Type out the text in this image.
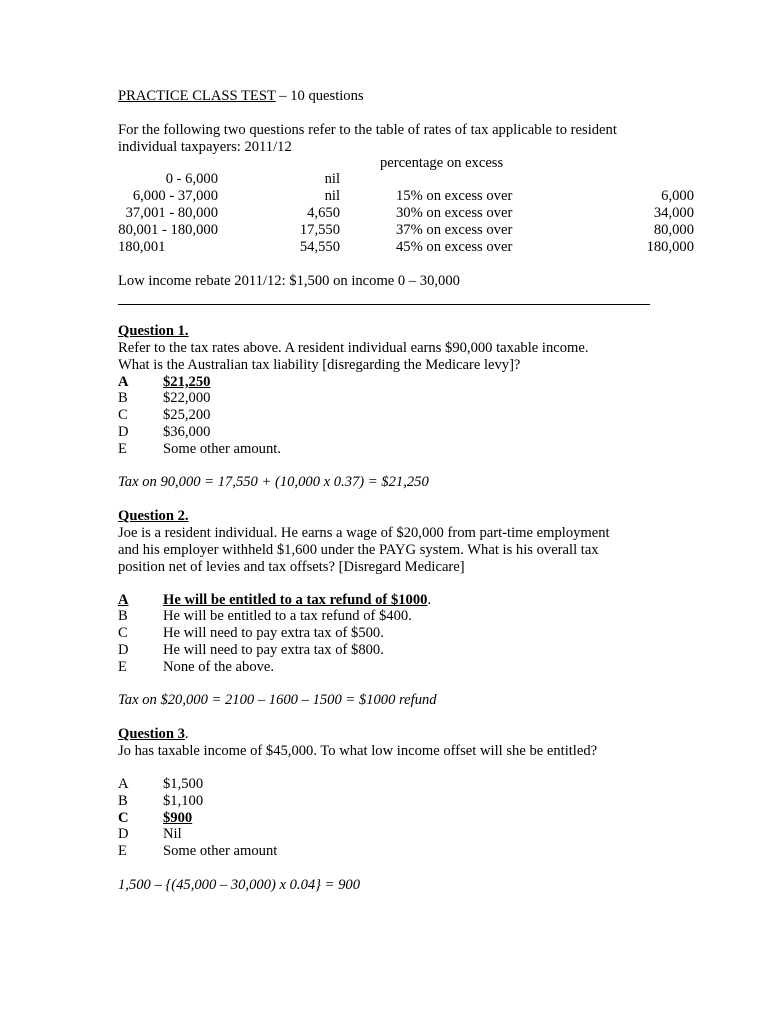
PRACTICE CLASS TEST – 10 questions
For the following two questions refer to the table of rates of tax applicable to resident
individual taxpayers: 2011/12
percentage on excess
0 - 6,000	nil
6,000 - 37,000	nil	15% on excess over	6,000
37,001 - 80,000	4,650	30% on excess over	34,000
80,001 - 180,000	17,550	37% on excess over	80,000
180,001	54,550	45% on excess over	180,000
Low income rebate 2011/12: $1,500 on income 0 – 30,000
Question 1.
Refer to the tax rates above. A resident individual earns $90,000 taxable income.
What is the Australian tax liability [disregarding the Medicare levy]?
A $21,250
B $22,000
C $25,200
D $36,000
E Some other amount.
Tax on 90,000 = 17,550 + (10,000 x 0.37) = $21,250
Question 2.
Joe is a resident individual. He earns a wage of $20,000 from part-time employment
and his employer withheld $1,600 under the PAYG system. What is his overall tax
position net of levies and tax offsets? [Disregard Medicare]
A He will be entitled to a tax refund of $1000.
B He will be entitled to a tax refund of $400.
C He will need to pay extra tax of $500.
D He will need to pay extra tax of $800.
E None of the above.
Tax on $20,000 = 2100 – 1600 – 1500 = $1000 refund
Question 3.
Jo has taxable income of $45,000. To what low income offset will she be entitled?
A $1,500
B $1,100
C $900
D Nil
E Some other amount
1,500 – {(45,000 – 30,000) x 0.04} = 900
